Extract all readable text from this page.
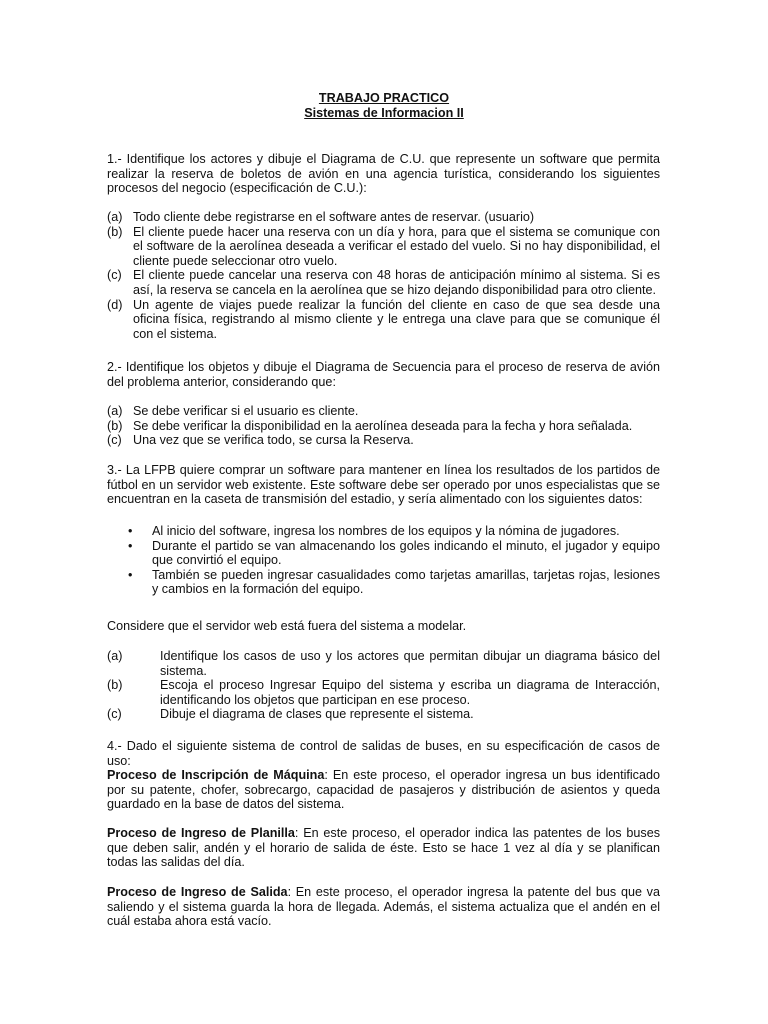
TRABAJO PRACTICO
Sistemas de Informacion II
1.- Identifique los actores y dibuje el Diagrama de C.U. que represente un software que permita realizar la reserva de boletos de avión en una agencia turística, considerando los siguientes procesos del negocio (especificación de C.U.):
(a) Todo cliente debe registrarse en el software antes de reservar. (usuario)
(b) El cliente puede hacer una reserva con un día y hora, para que el sistema se comunique con el software de la aerolínea deseada a verificar el estado del vuelo. Si no hay disponibilidad, el cliente puede seleccionar otro vuelo.
(c) El cliente puede cancelar una reserva con 48 horas de anticipación mínimo al sistema. Si es así, la reserva se cancela en la aerolínea que se hizo dejando disponibilidad para otro cliente.
(d) Un agente de viajes puede realizar la función del cliente en caso de que sea desde una oficina física, registrando al mismo cliente y le entrega una clave para que se comunique él con el sistema.
2.- Identifique los objetos y dibuje el Diagrama de Secuencia para el proceso de reserva de avión del problema anterior, considerando que:
(a) Se debe verificar si el usuario es cliente.
(b) Se debe verificar la disponibilidad en la aerolínea deseada para la fecha y hora señalada.
(c) Una vez que se verifica todo, se cursa la Reserva.
3.- La LFPB quiere comprar un software para mantener en línea los resultados de los partidos de fútbol en un servidor web existente. Este software debe ser operado por unos especialistas que se encuentran en la caseta de transmisión del estadio, y sería alimentado con los siguientes datos:
• Al inicio del software, ingresa los nombres de los equipos y la nómina de jugadores.
• Durante el partido se van almacenando los goles indicando el minuto, el jugador y equipo que convirtió el equipo.
• También se pueden ingresar casualidades como tarjetas amarillas, tarjetas rojas, lesiones y cambios en la formación del equipo.
Considere que el servidor web está fuera del sistema a modelar.
(a)	Identifique los casos de uso y los actores que permitan dibujar un diagrama básico del sistema.
(b)	Escoja el proceso Ingresar Equipo del sistema y escriba un diagrama de Interacción, identificando los objetos que participan en ese proceso.
(c)	Dibuje el diagrama de clases que represente el sistema.
4.- Dado el siguiente sistema de control de salidas de buses, en su especificación de casos de uso:
Proceso de Inscripción de Máquina: En este proceso, el operador ingresa un bus identificado por su patente, chofer, sobrecargo, capacidad de pasajeros y distribución de asientos y queda guardado en la base de datos del sistema.
Proceso de Ingreso de Planilla: En este proceso, el operador indica las patentes de los buses que deben salir, andén y el horario de salida de éste. Esto se hace 1 vez al día y se planifican todas las salidas del día.
Proceso de Ingreso de Salida: En este proceso, el operador ingresa la patente del bus que va saliendo y el sistema guarda la hora de llegada. Además, el sistema actualiza que el andén en el cuál estaba ahora está vacío.
